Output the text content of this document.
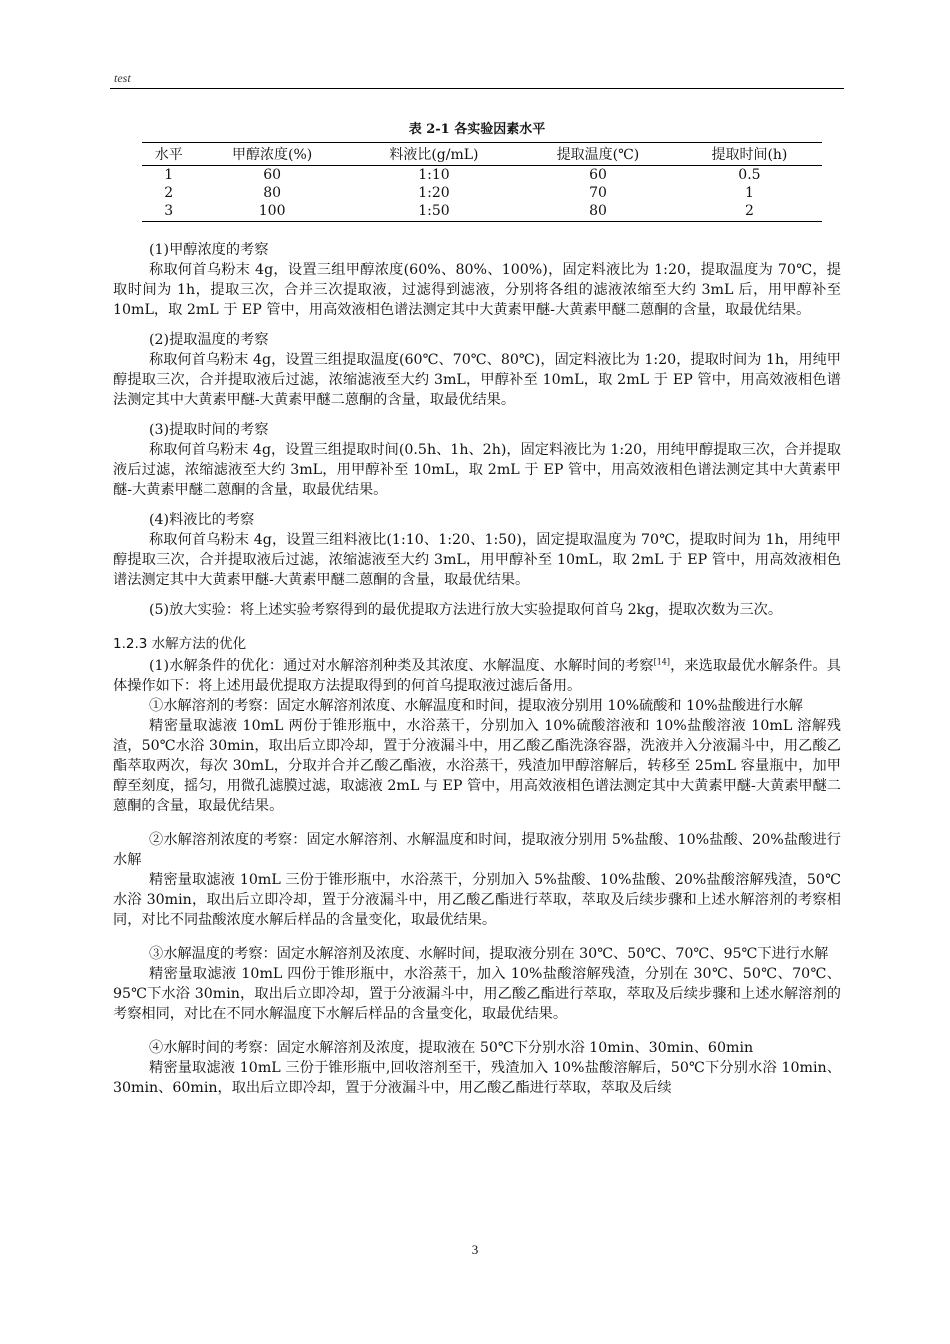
test
表 2-1 各实验因素水平
水平	甲醇浓度(%)	料液比(g/mL)	提取温度(℃)	提取时间(h)
1	60	1:10	60	0.5
2	80	1:20	70	1
3	100	1:50	80	2

(1)甲醇浓度的考察

称取何首乌粉末 4g，设置三组甲醇浓度(60%、80%、100%)，固定料液比为 1:20，提取温度为 70℃，提取时间为 1h，提取三次，合并三次提取液，过滤得到滤液，分别将各组的滤液浓缩至大约 3mL 后，用甲醇补至 10mL，取 2mL 于 EP 管中，用高效液相色谱法测定其中大黄素甲醚-大黄素甲醚二蒽酮的含量，取最优结果。

(2)提取温度的考察

称取何首乌粉末 4g，设置三组提取温度(60℃、70℃、80℃)，固定料液比为 1:20，提取时间为 1h，用纯甲醇提取三次，合并提取液后过滤，浓缩滤液至大约 3mL，甲醇补至 10mL，取 2mL 于 EP 管中，用高效液相色谱法测定其中大黄素甲醚-大黄素甲醚二蒽酮的含量，取最优结果。

(3)提取时间的考察

称取何首乌粉末 4g，设置三组提取时间(0.5h、1h、2h)，固定料液比为 1:20，用纯甲醇提取三次，合并提取液后过滤，浓缩滤液至大约 3mL，用甲醇补至 10mL，取 2mL 于 EP 管中，用高效液相色谱法测定其中大黄素甲醚-大黄素甲醚二蒽酮的含量，取最优结果。

(4)料液比的考察

称取何首乌粉末 4g，设置三组料液比(1:10、1:20、1:50)，固定提取温度为 70℃，提取时间为 1h，用纯甲醇提取三次，合并提取液后过滤，浓缩滤液至大约 3mL，用甲醇补至 10mL，取 2mL 于 EP 管中，用高效液相色谱法测定其中大黄素甲醚-大黄素甲醚二蒽酮的含量，取最优结果。

(5)放大实验：将上述实验考察得到的最优提取方法进行放大实验提取何首乌 2kg，提取次数为三次。

1.2.3 水解方法的优化

(1)水解条件的优化：通过对水解溶剂种类及其浓度、水解温度、水解时间的考察[14]，来选取最优水解条件。具体操作如下：将上述用最优提取方法提取得到的何首乌提取液过滤后备用。

①水解溶剂的考察：固定水解溶剂浓度、水解温度和时间，提取液分别用 10%硫酸和 10%盐酸进行水解

精密量取滤液 10mL 两份于锥形瓶中，水浴蒸干，分别加入 10%硫酸溶液和 10%盐酸溶液 10mL 溶解残渣，50℃水浴 30min，取出后立即冷却，置于分液漏斗中，用乙酸乙酯洗涤容器，洗液并入分液漏斗中，用乙酸乙酯萃取两次，每次 30mL，分取并合并乙酸乙酯液，水浴蒸干，残渣加甲醇溶解后，转移至 25mL 容量瓶中，加甲醇至刻度，摇匀，用微孔滤膜过滤，取滤液 2mL 与 EP 管中，用高效液相色谱法测定其中大黄素甲醚-大黄素甲醚二蒽酮的含量，取最优结果。

②水解溶剂浓度的考察：固定水解溶剂、水解温度和时间，提取液分别用 5%盐酸、10%盐酸、20%盐酸进行水解

精密量取滤液 10mL 三份于锥形瓶中，水浴蒸干，分别加入 5%盐酸、10%盐酸、20%盐酸溶解残渣，50℃水浴 30min，取出后立即冷却，置于分液漏斗中，用乙酸乙酯进行萃取，萃取及后续步骤和上述水解溶剂的考察相同，对比不同盐酸浓度水解后样品的含量变化，取最优结果。

③水解温度的考察：固定水解溶剂及浓度、水解时间，提取液分别在 30℃、50℃、70℃、95℃下进行水解

精密量取滤液 10mL 四份于锥形瓶中，水浴蒸干，加入 10%盐酸溶解残渣，分别在 30℃、50℃、70℃、95℃下水浴 30min，取出后立即冷却，置于分液漏斗中，用乙酸乙酯进行萃取，萃取及后续步骤和上述水解溶剂的考察相同，对比在不同水解温度下水解后样品的含量变化，取最优结果。

④水解时间的考察：固定水解溶剂及浓度，提取液在 50℃下分别水浴 10min、30min、60min

精密量取滤液 10mL 三份于锥形瓶中,回收溶剂至干，残渣加入 10%盐酸溶解后，50℃下分别水浴 10min、30min、60min，取出后立即冷却，置于分液漏斗中，用乙酸乙酯进行萃取，萃取及后续

3
